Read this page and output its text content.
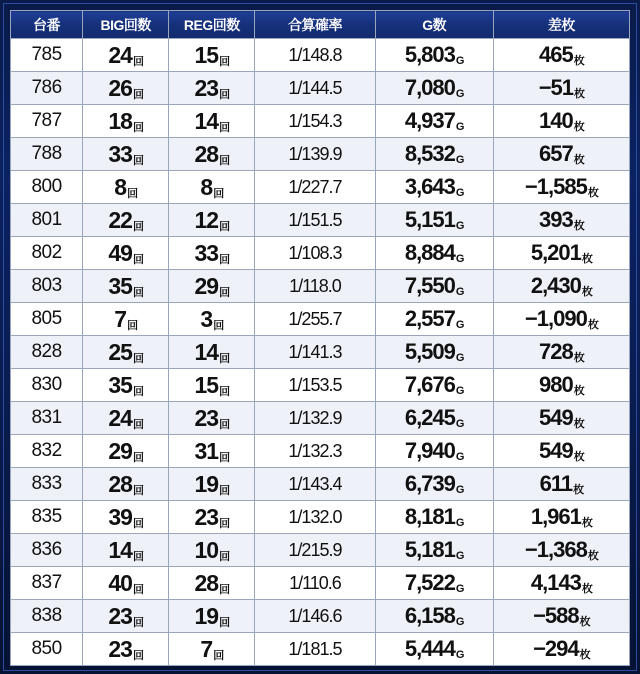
台番	BIG回数	REG回数	合算確率	G数	差枚
785	24回	15回	1/148.8	5,803G	465枚
786	26回	23回	1/144.5	7,080G	−51枚
787	18回	14回	1/154.3	4,937G	140枚
788	33回	28回	1/139.9	8,532G	657枚
800	8回	8回	1/227.7	3,643G	−1,585枚
801	22回	12回	1/151.5	5,151G	393枚
802	49回	33回	1/108.3	8,884G	5,201枚
803	35回	29回	1/118.0	7,550G	2,430枚
805	7回	3回	1/255.7	2,557G	−1,090枚
828	25回	14回	1/141.3	5,509G	728枚
830	35回	15回	1/153.5	7,676G	980枚
831	24回	23回	1/132.9	6,245G	549枚
832	29回	31回	1/132.3	7,940G	549枚
833	28回	19回	1/143.4	6,739G	611枚
835	39回	23回	1/132.0	8,181G	1,961枚
836	14回	10回	1/215.9	5,181G	−1,368枚
837	40回	28回	1/110.6	7,522G	4,143枚
838	23回	19回	1/146.6	6,158G	−588枚
850	23回	7回	1/181.5	5,444G	−294枚
